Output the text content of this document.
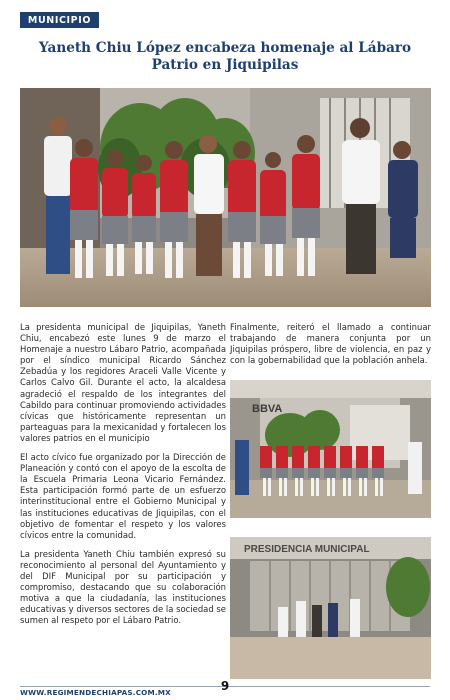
MUNICIPIO
Yaneth Chiu López encabeza homenaje al Lábaro Patrio en Jiquipilas

La presidenta municipal de Jiquipilas, Yaneth Chiu, encabezó este lunes 9 de marzo el Homenaje a nuestro Lábaro Patrio, acompañada por el síndico municipal Ricardo Sánchez Zebadúa y los regidores Araceli Valle Vicente y Carlos Calvo Gil. Durante el acto, la alcaldesa agradeció el respaldo de los integrantes del Cabildo para continuar promoviendo actividades cívicas que históricamente representan un parteaguas para la mexicanidad y fortalecen los valores patrios en el municipio

El acto cívico fue organizado por la Dirección de Planeación y contó con el apoyo de la escolta de la Escuela Primaria Leona Vicario Fernández. Esta participación formó parte de un esfuerzo interinstitucional entre el Gobierno Municipal y las instituciones educativas de Jiquipilas, con el objetivo de fomentar el respeto y los valores cívicos entre la comunidad.

La presidenta Yaneth Chiu también expresó su reconocimiento al personal del Ayuntamiento y del DIF Municipal por su participación y compromiso, destacando que su colaboración motiva a que la ciudadanía, las instituciones educativas y diversos sectores de la sociedad se sumen al respeto por el Lábaro Patrio.

Finalmente, reiteró el llamado a continuar trabajando de manera conjunta por un Jiquipilas próspero, libre de violencia, en paz y con la gobernabilidad que la población anhela.

BBVA
PRESIDENCIA MUNICIPAL
WWW.REGIMENDECHIAPAS.COM.MX	9
